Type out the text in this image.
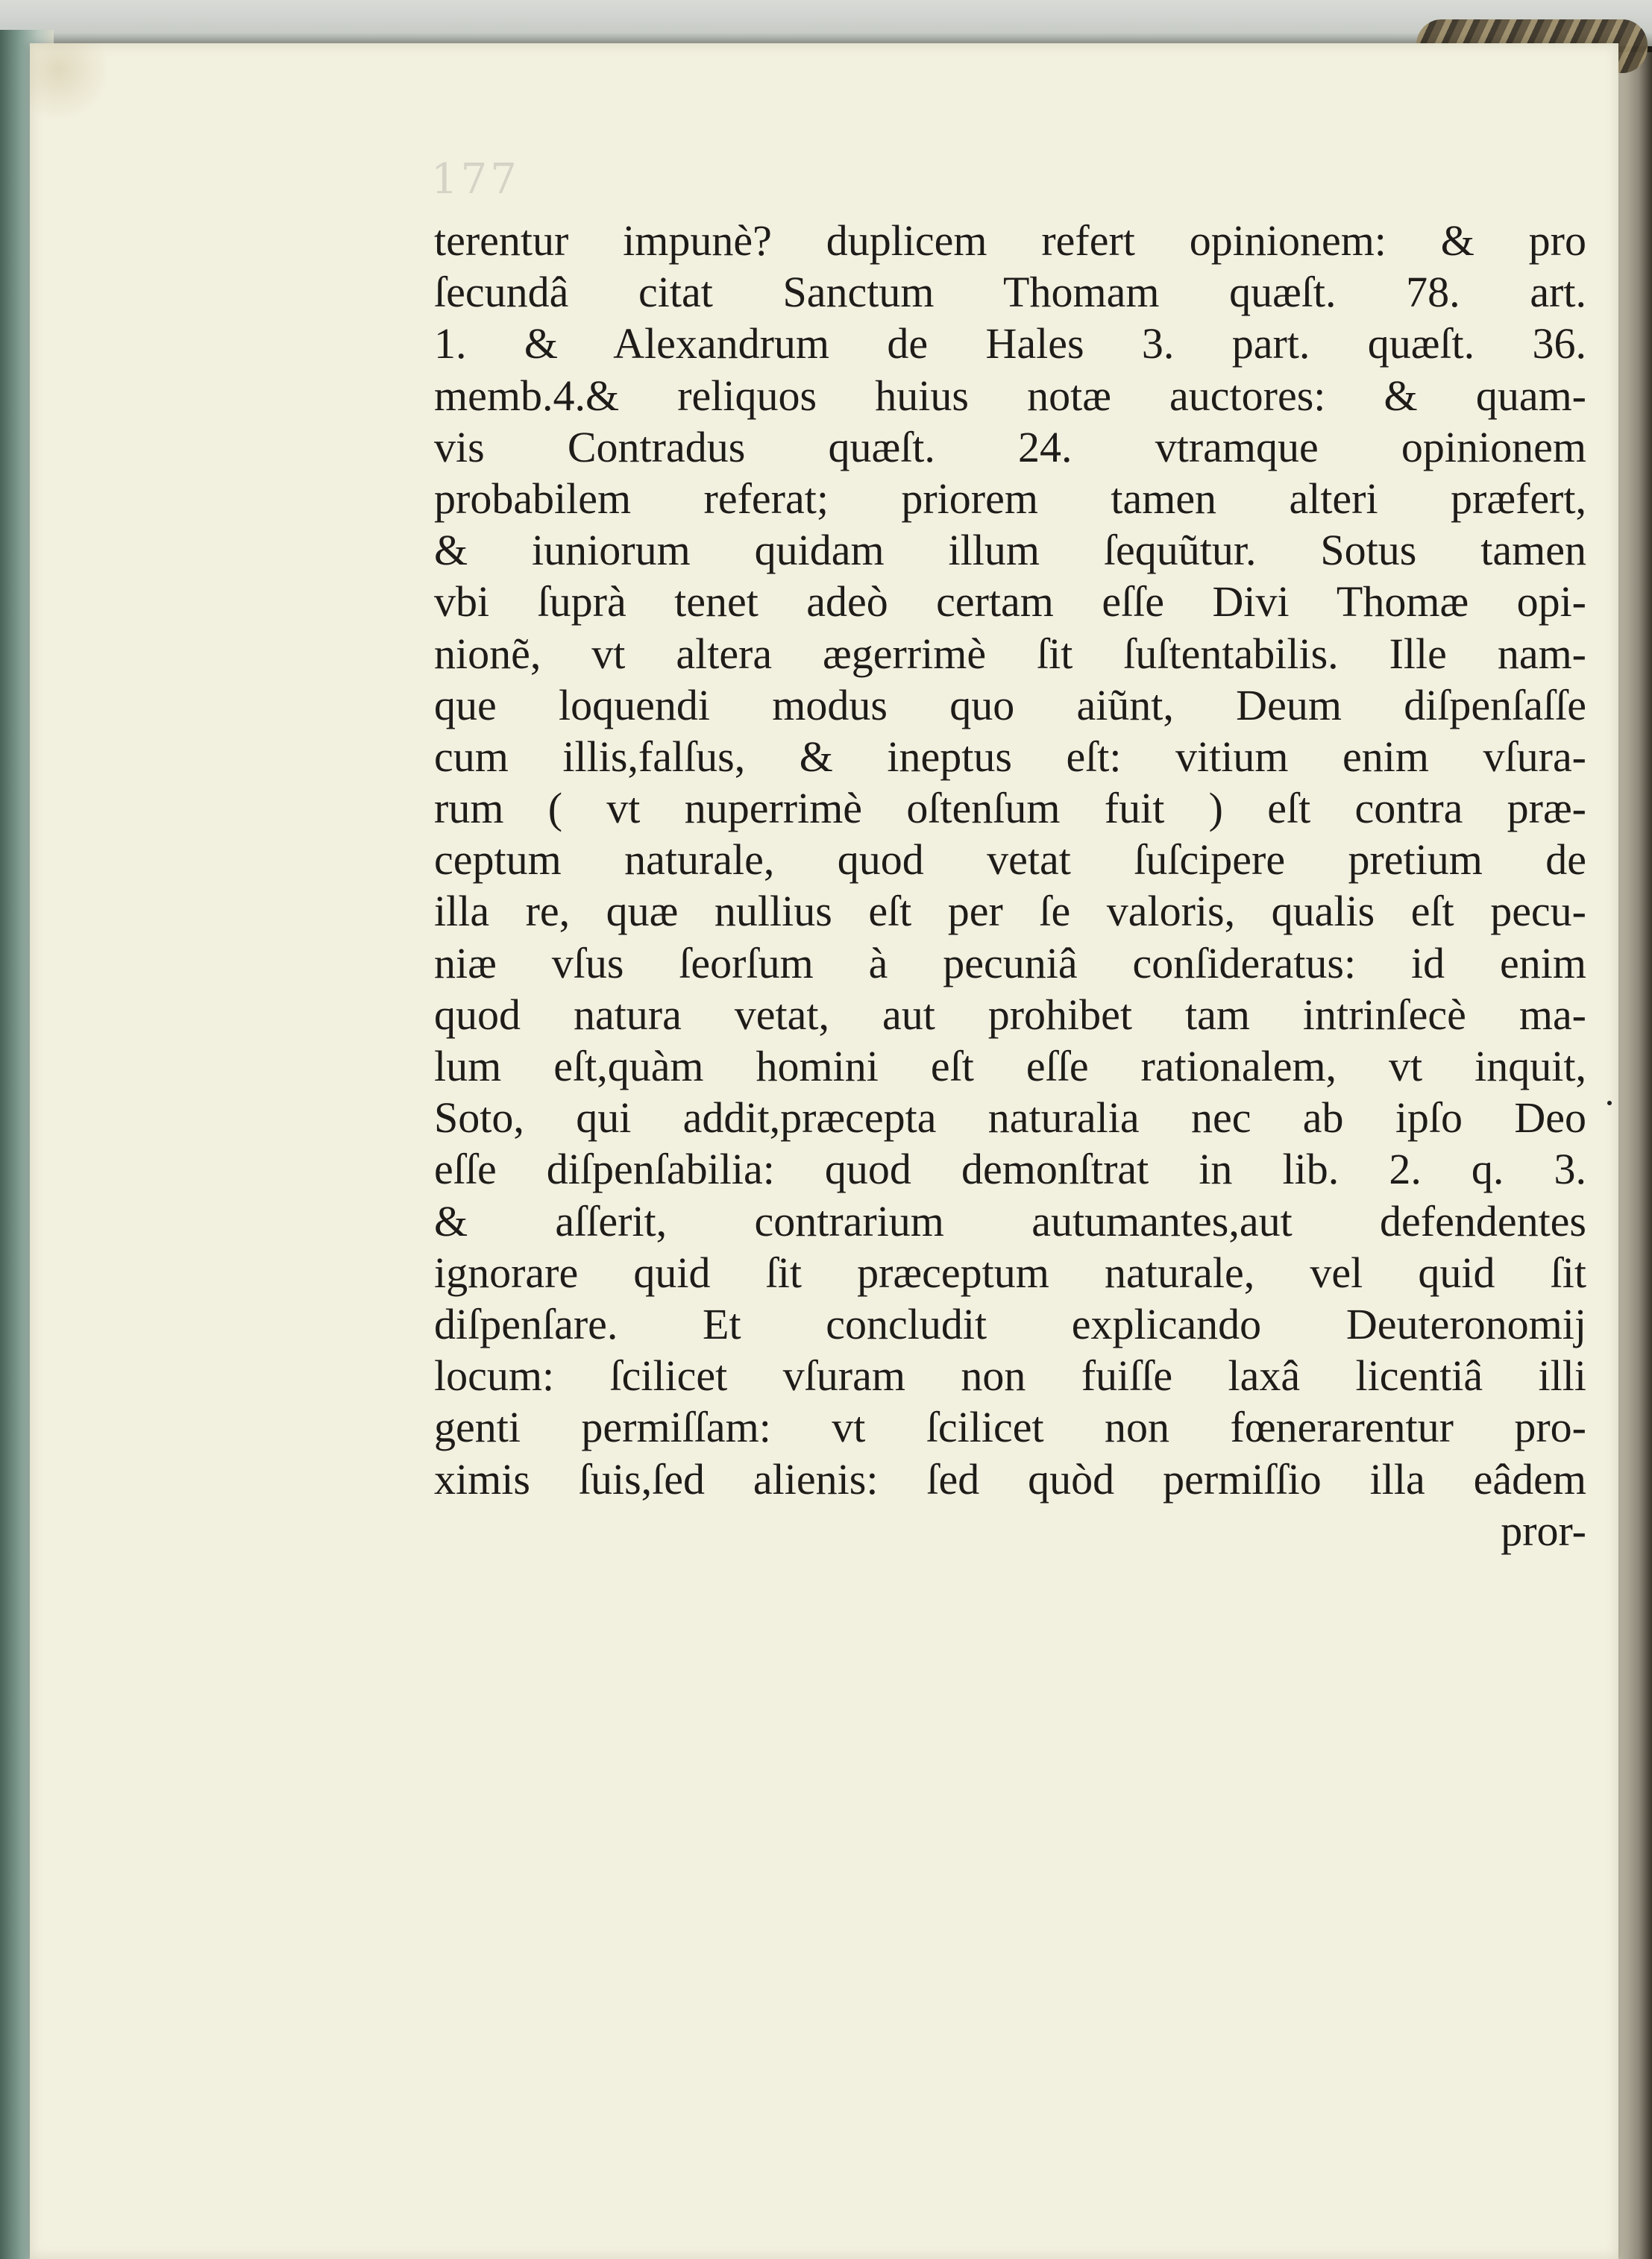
177
terentur impunè? duplicem refert opinionem: & pro
ſecundâ citat Sanctum Thomam quæſt. 78. art.
1. & Alexandrum de Hales 3. part. quæſt. 36.
memb.4.& reliquos huius notæ auctores: & quam-
vis Contradus quæſt. 24. vtramque opinionem
probabilem referat; priorem tamen alteri præfert,
& iuniorum quidam illum ſequũtur. Sotus tamen
vbi ſuprà tenet adeò certam eſſe Divi Thomæ opi-
nionẽ, vt altera ægerrimè ſit ſuſtentabilis. Ille nam-
que loquendi modus quo aiũnt, Deum diſpenſaſſe
cum illis,falſus, & ineptus eſt: vitium enim vſura-
rum ( vt nuperrimè oſtenſum fuit ) eſt contra præ-
ceptum naturale, quod vetat ſuſcipere pretium de
illa re, quæ nullius eſt per ſe valoris, qualis eſt pecu-
niæ vſus ſeorſum à pecuniâ conſideratus: id enim
quod natura vetat, aut prohibet tam intrinſecè ma-
lum eſt,quàm homini eſt eſſe rationalem, vt inquit,
Soto, qui addit,præcepta naturalia nec ab ipſo Deo
eſſe diſpenſabilia: quod demonſtrat in lib. 2. q. 3.
& aſſerit, contrarium autumantes,aut defendentes
ignorare quid ſit præceptum naturale, vel quid ſit
diſpenſare. Et concludit explicando Deuteronomij
locum: ſcilicet vſuram non fuiſſe laxâ licentiâ illi
genti permiſſam: vt ſcilicet non fœnerarentur pro-
ximis ſuis,ſed alienis: ſed quòd permiſſio illa eâdem
pror-
